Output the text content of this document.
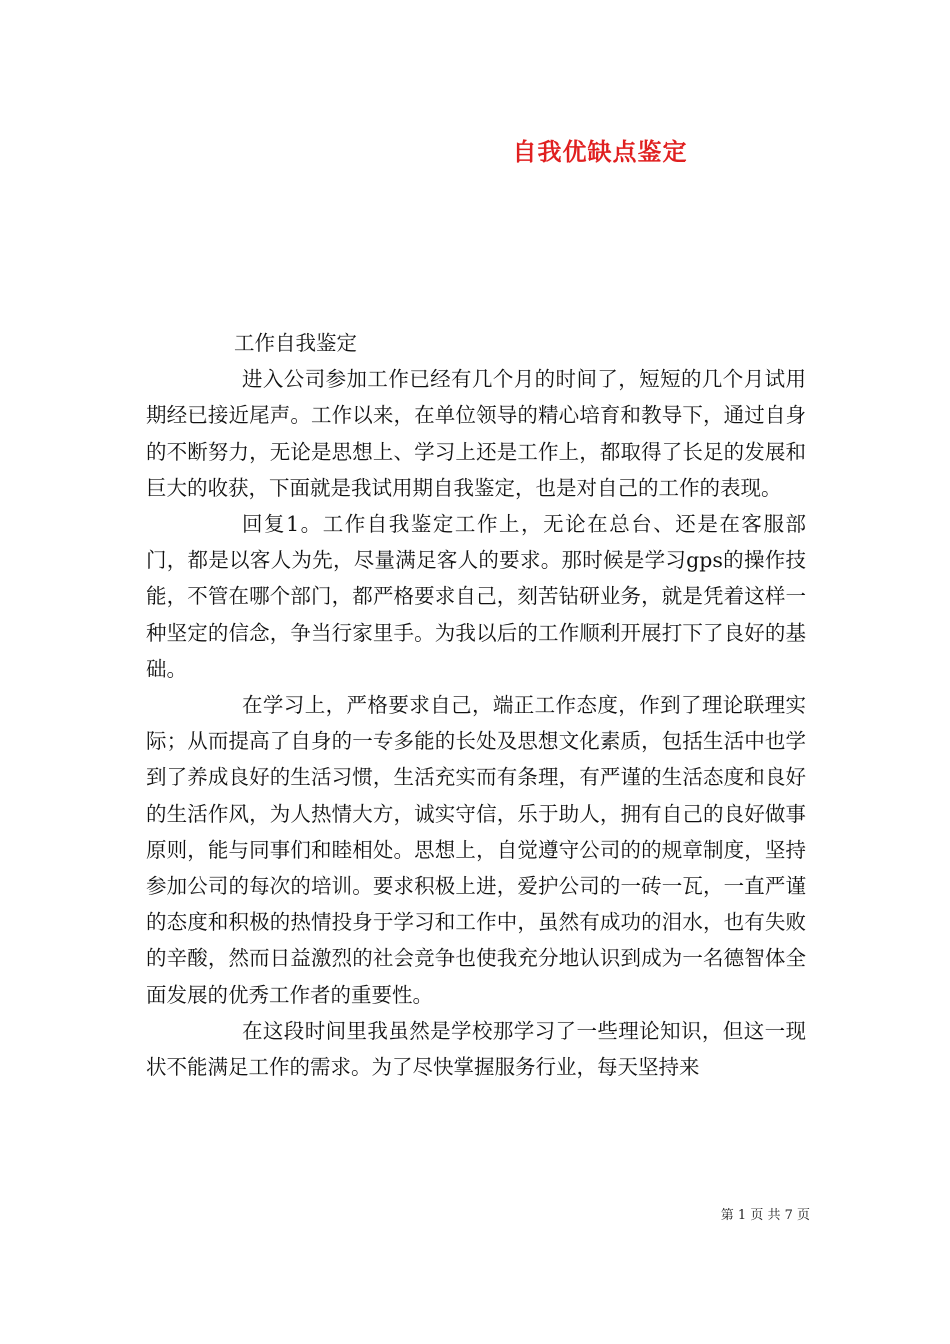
自我优缺点鉴定

工作自我鉴定

进入公司参加工作已经有几个月的时间了，短短的几个月试用期经已接近尾声。工作以来，在单位领导的精心培育和教导下，通过自身的不断努力，无论是思想上、学习上还是工作上，都取得了长足的发展和巨大的收获，下面就是我试用期自我鉴定，也是对自己的工作的表现。

回复1。工作自我鉴定工作上，无论在总台、还是在客服部门，都是以客人为先，尽量满足客人的要求。那时候是学习gps的操作技能，不管在哪个部门，都严格要求自己，刻苦钻研业务，就是凭着这样一种坚定的信念，争当行家里手。为我以后的工作顺利开展打下了良好的基础。

在学习上，严格要求自己，端正工作态度，作到了理论联理实际；从而提高了自身的一专多能的长处及思想文化素质，包括生活中也学到了养成良好的生活习惯，生活充实而有条理，有严谨的生活态度和良好的生活作风，为人热情大方，诚实守信，乐于助人，拥有自己的良好做事原则，能与同事们和睦相处。思想上，自觉遵守公司的的规章制度，坚持参加公司的每次的培训。要求积极上进，爱护公司的一砖一瓦，一直严谨的态度和积极的热情投身于学习和工作中，虽然有成功的泪水，也有失败的辛酸，然而日益激烈的社会竞争也使我充分地认识到成为一名德智体全面发展的优秀工作者的重要性。

在这段时间里我虽然是学校那学习了一些理论知识，但这一现状不能满足工作的需求。为了尽快掌握服务行业，每天坚持来

第 1 页 共 7 页
